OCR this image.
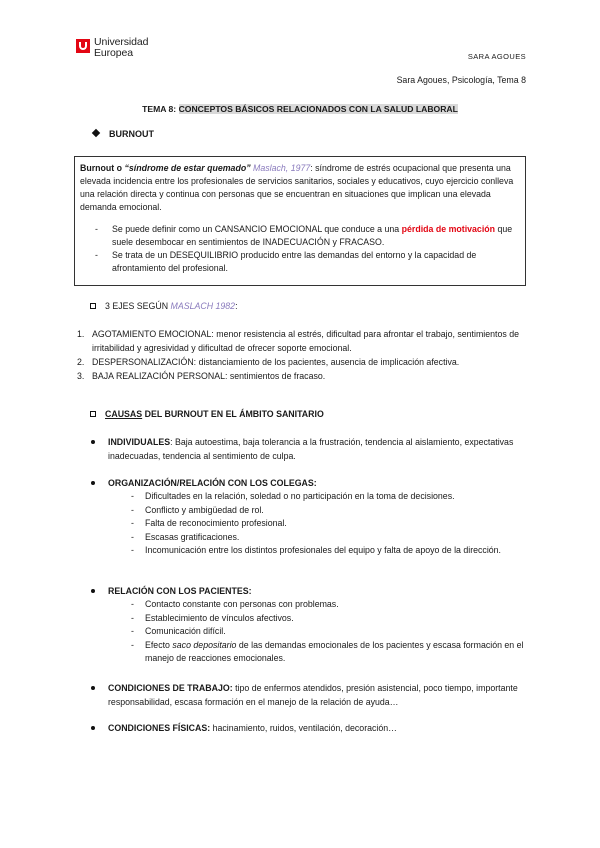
Universidad
Europea	SARA AGOUES
Sara Agoues, Psicología, Tema 8
TEMA 8: CONCEPTOS BÁSICOS RELACIONADOS CON LA SALUD LABORAL
BURNOUT

Burnout o “síndrome de estar quemado” Maslach, 1977: síndrome de estrés ocupacional que presenta una elevada incidencia entre los profesionales de servicios sanitarios, sociales y educativos, cuyo ejercicio conlleva una relación directa y continua con personas que se encuentran en situaciones que implican una elevada demanda emocional.

- Se puede definir como un CANSANCIO EMOCIONAL que conduce a una pérdida de motivación que suele desembocar en sentimientos de INADECUACIÓN y FRACASO.
- Se trata de un DESEQUILIBRIO producido entre las demandas del entorno y la capacidad de afrontamiento del profesional.
3 EJES SEGÚN MASLACH 1982:
1. AGOTAMIENTO EMOCIONAL: menor resistencia al estrés, dificultad para afrontar el trabajo, sentimientos de irritabilidad y agresividad y dificultad de ofrecer soporte emocional.
2. DESPERSONALIZACIÓN: distanciamiento de los pacientes, ausencia de implicación afectiva.
3. BAJA REALIZACIÓN PERSONAL: sentimientos de fracaso.
CAUSAS DEL BURNOUT EN EL ÁMBITO SANITARIO
INDIVIDUALES: Baja autoestima, baja tolerancia a la frustración, tendencia al aislamiento, expectativas inadecuadas, tendencia al sentimiento de culpa.
ORGANIZACIÓN/RELACIÓN CON LOS COLEGAS:
- Dificultades en la relación, soledad o no participación en la toma de decisiones.
- Conflicto y ambigüedad de rol.
- Falta de reconocimiento profesional.
- Escasas gratificaciones.
- Incomunicación entre los distintos profesionales del equipo y falta de apoyo de la dirección.
RELACIÓN CON LOS PACIENTES:
- Contacto constante con personas con problemas.
- Establecimiento de vínculos afectivos.
- Comunicación difícil.
- Efecto saco depositario de las demandas emocionales de los pacientes y escasa formación en el manejo de reacciones emocionales.
CONDICIONES DE TRABAJO: tipo de enfermos atendidos, presión asistencial, poco tiempo, importante responsabilidad, escasa formación en el manejo de la relación de ayuda…
CONDICIONES FÍSICAS: hacinamiento, ruidos, ventilación, decoración…
